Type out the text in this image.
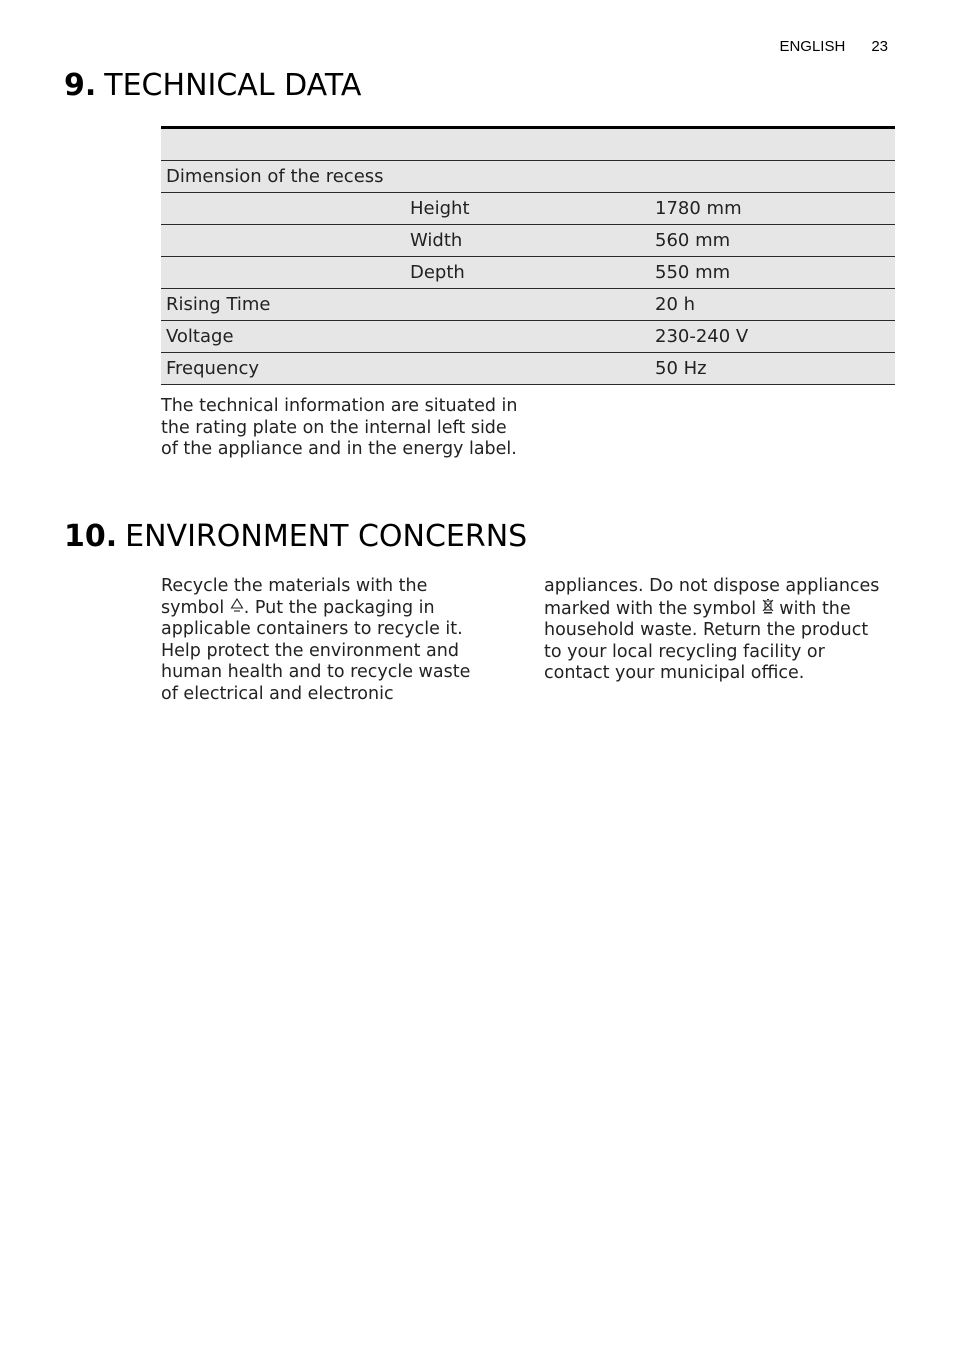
ENGLISH 23
9. TECHNICAL DATA

Dimension of the recess		
	Height	1780 mm
	Width	560 mm
	Depth	550 mm
Rising Time		20 h
Voltage		230-240 V
Frequency		50 Hz

The technical information are situated in the rating plate on the internal left side of the appliance and in the energy label.

10. ENVIRONMENT CONCERNS

Recycle the materials with the symbol . Put the packaging in applicable containers to recycle it. Help protect the environment and human health and to recycle waste of electrical and electronic

appliances. Do not dispose appliances marked with the symbol with the household waste. Return the product to your local recycling facility or contact your municipal office.
